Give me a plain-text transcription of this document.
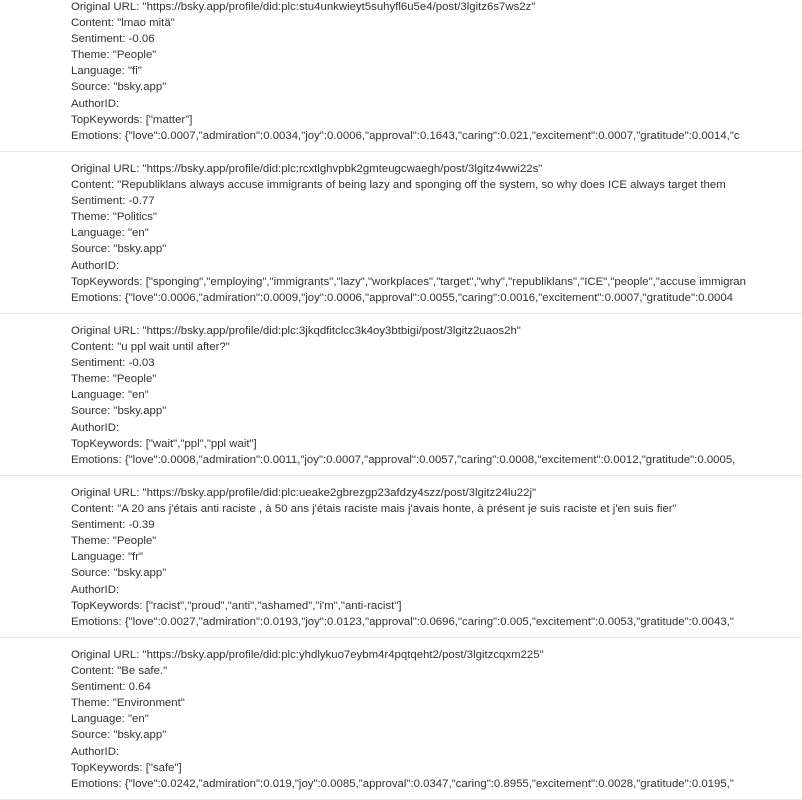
Original URL: "https://bsky.app/profile/did:plc:stu4unkwieyt5suhyfl6u5e4/post/3lgitz6s7ws2z"
Content: "lmao mitä"
Sentiment: -0.06
Theme: "People"
Language: "fi"
Source: "bsky.app"
AuthorID:
TopKeywords: ["matter"]
Emotions: {"love":0.0007,"admiration":0.0034,"joy":0.0006,"approval":0.1643,"caring":0.021,"excitement":0.0007,"gratitude":0.0014,"c
Original URL: "https://bsky.app/profile/did:plc:rcxtlghvpbk2gmteugcwaegh/post/3lgitz4wwi22s"
Content: "Republiklans always accuse immigrants of being lazy and sponging off the system, so why does ICE always target them
Sentiment: -0.77
Theme: "Politics"
Language: "en"
Source: "bsky.app"
AuthorID:
TopKeywords: ["sponging","employing","immigrants","lazy","workplaces","target","why","republiklans","ICE","people","accuse immigran
Emotions: {"love":0.0006,"admiration":0.0009,"joy":0.0006,"approval":0.0055,"caring":0.0016,"excitement":0.0007,"gratitude":0.0004
Original URL: "https://bsky.app/profile/did:plc:3jkqdfitclcc3k4oy3btbigi/post/3lgitz2uaos2h"
Content: "u ppl wait until after?"
Sentiment: -0.03
Theme: "People"
Language: "en"
Source: "bsky.app"
AuthorID:
TopKeywords: ["wait","ppl","ppl wait"]
Emotions: {"love":0.0008,"admiration":0.0011,"joy":0.0007,"approval":0.0057,"caring":0.0008,"excitement":0.0012,"gratitude":0.0005,
Original URL: "https://bsky.app/profile/did:plc:ueake2gbrezgp23afdzy4szz/post/3lgitz24lu22j"
Content: "A 20 ans j'étais anti raciste , à 50 ans j'étais raciste mais j'avais honte, à présent je suis raciste et j'en suis fier"
Sentiment: -0.39
Theme: "People"
Language: "fr"
Source: "bsky.app"
AuthorID:
TopKeywords: ["racist","proud","anti","ashamed","i'm","anti-racist"]
Emotions: {"love":0.0027,"admiration":0.0193,"joy":0.0123,"approval":0.0696,"caring":0.005,"excitement":0.0053,"gratitude":0.0043,"
Original URL: "https://bsky.app/profile/did:plc:yhdlykuo7eybm4r4pqtqeht2/post/3lgitzcqxm225"
Content: "Be safe."
Sentiment: 0.64
Theme: "Environment"
Language: "en"
Source: "bsky.app"
AuthorID:
TopKeywords: ["safe"]
Emotions: {"love":0.0242,"admiration":0.019,"joy":0.0085,"approval":0.0347,"caring":0.8955,"excitement":0.0028,"gratitude":0.0195,"
